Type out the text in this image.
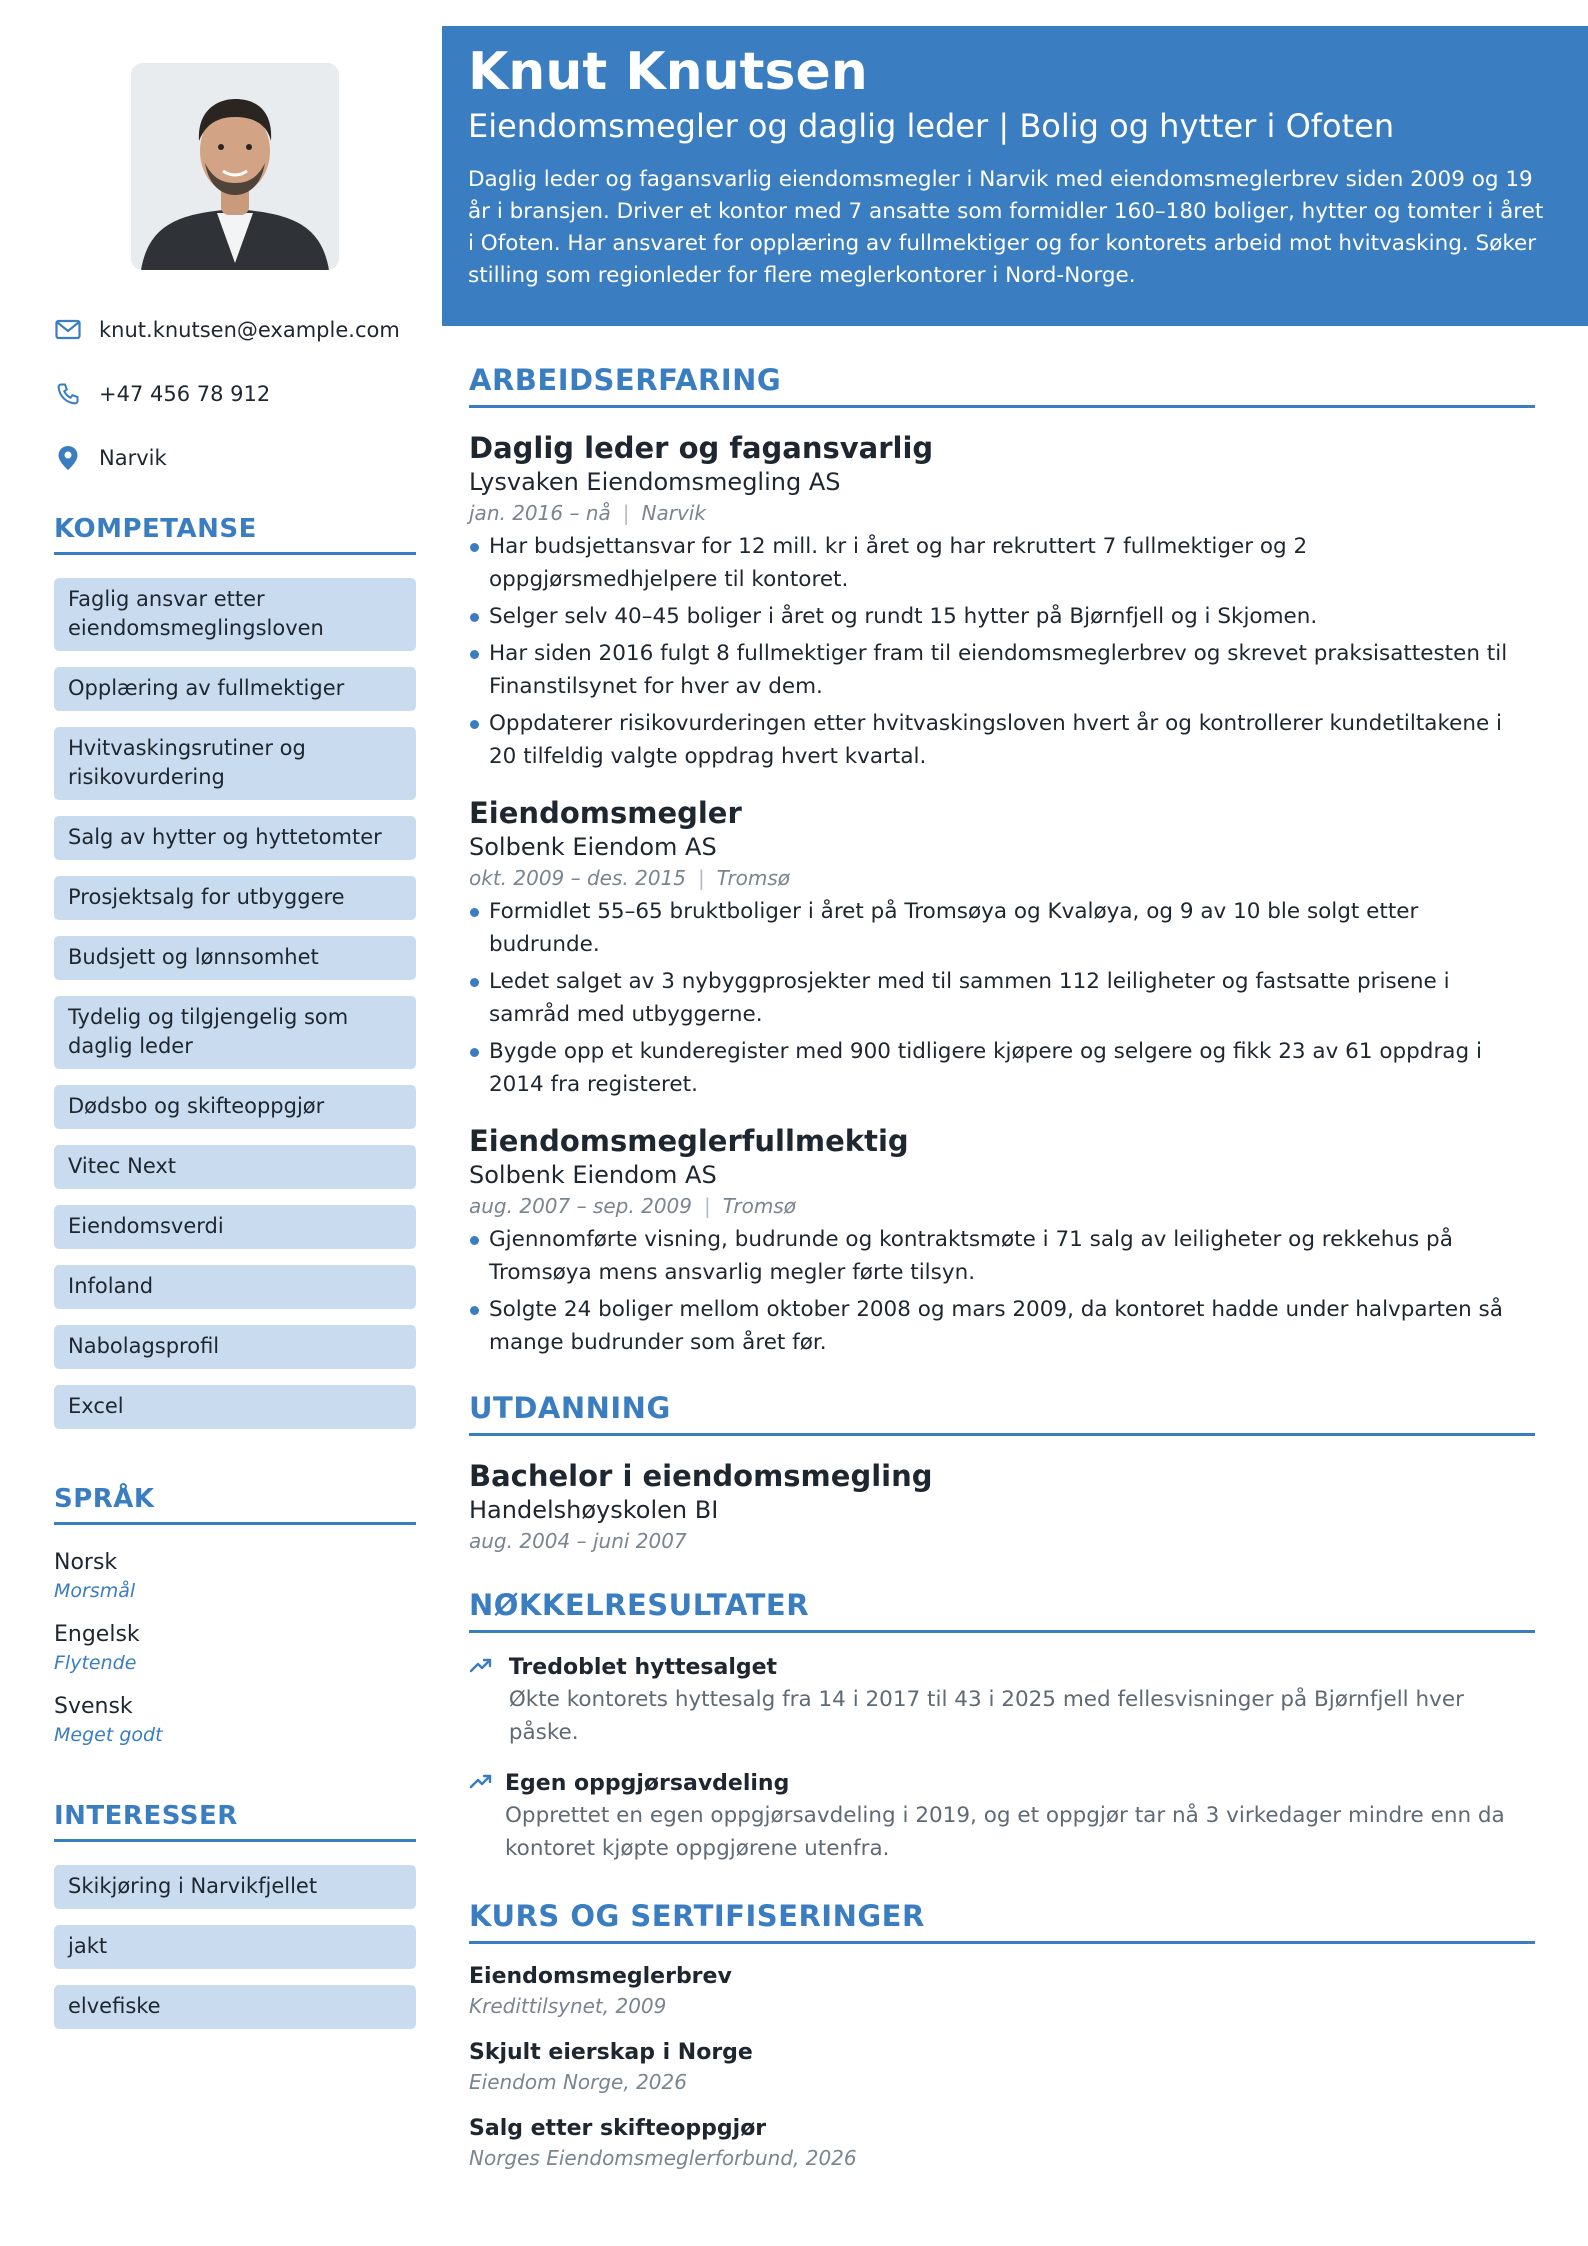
knut.knutsen@example.com
+47 456 78 912
Narvik
KOMPETANSE
Faglig ansvar etter eiendomsmeglingsloven
Opplæring av fullmektiger
Hvitvaskingsrutiner og risikovurdering
Salg av hytter og hyttetomter
Prosjektsalg for utbyggere
Budsjett og lønnsomhet
Tydelig og tilgjengelig som daglig leder
Dødsbo og skifteoppgjør
Vitec Next
Eiendomsverdi
Infoland
Nabolagsprofil
Excel
SPRÅK
Norsk
Morsmål
Engelsk
Flytende
Svensk
Meget godt
INTERESSER
Skikjøring i Narvikfjellet
jakt
elvefiske
Knut Knutsen
Eiendomsmegler og daglig leder | Bolig og hytter i Ofoten
Daglig leder og fagansvarlig eiendomsmegler i Narvik med eiendomsmeglerbrev siden 2009 og 19 år i bransjen. Driver et kontor med 7 ansatte som formidler 160–180 boliger, hytter og tomter i året i Ofoten. Har ansvaret for opplæring av fullmektiger og for kontorets arbeid mot hvitvasking. Søker stilling som regionleder for flere meglerkontorer i Nord-Norge.
ARBEIDSERFARING
Daglig leder og fagansvarlig
Lysvaken Eiendomsmegling AS
jan. 2016 – nå | Narvik
Har budsjettansvar for 12 mill. kr i året og har rekruttert 7 fullmektiger og 2 oppgjørsmedhjelpere til kontoret.
Selger selv 40–45 boliger i året og rundt 15 hytter på Bjørnfjell og i Skjomen.
Har siden 2016 fulgt 8 fullmektiger fram til eiendomsmeglerbrev og skrevet praksisattesten til Finanstilsynet for hver av dem.
Oppdaterer risikovurderingen etter hvitvaskingsloven hvert år og kontrollerer kundetiltakene i 20 tilfeldig valgte oppdrag hvert kvartal.
Eiendomsmegler
Solbenk Eiendom AS
okt. 2009 – des. 2015 | Tromsø
Formidlet 55–65 bruktboliger i året på Tromsøya og Kvaløya, og 9 av 10 ble solgt etter budrunde.
Ledet salget av 3 nybyggprosjekter med til sammen 112 leiligheter og fastsatte prisene i samråd med utbyggerne.
Bygde opp et kunderegister med 900 tidligere kjøpere og selgere og fikk 23 av 61 oppdrag i 2014 fra registeret.
Eiendomsmeglerfullmektig
Solbenk Eiendom AS
aug. 2007 – sep. 2009 | Tromsø
Gjennomførte visning, budrunde og kontraktsmøte i 71 salg av leiligheter og rekkehus på Tromsøya mens ansvarlig megler førte tilsyn.
Solgte 24 boliger mellom oktober 2008 og mars 2009, da kontoret hadde under halvparten så mange budrunder som året før.
UTDANNING
Bachelor i eiendomsmegling
Handelshøyskolen BI
aug. 2004 – juni 2007
NØKKELRESULTATER
Tredoblet hyttesalget
Økte kontorets hyttesalg fra 14 i 2017 til 43 i 2025 med fellesvisninger på Bjørnfjell hver påske.
Egen oppgjørsavdeling
Opprettet en egen oppgjørsavdeling i 2019, og et oppgjør tar nå 3 virkedager mindre enn da kontoret kjøpte oppgjørene utenfra.
KURS OG SERTIFISERINGER
Eiendomsmeglerbrev
Kredittilsynet, 2009
Skjult eierskap i Norge
Eiendom Norge, 2026
Salg etter skifteoppgjør
Norges Eiendomsmeglerforbund, 2026
